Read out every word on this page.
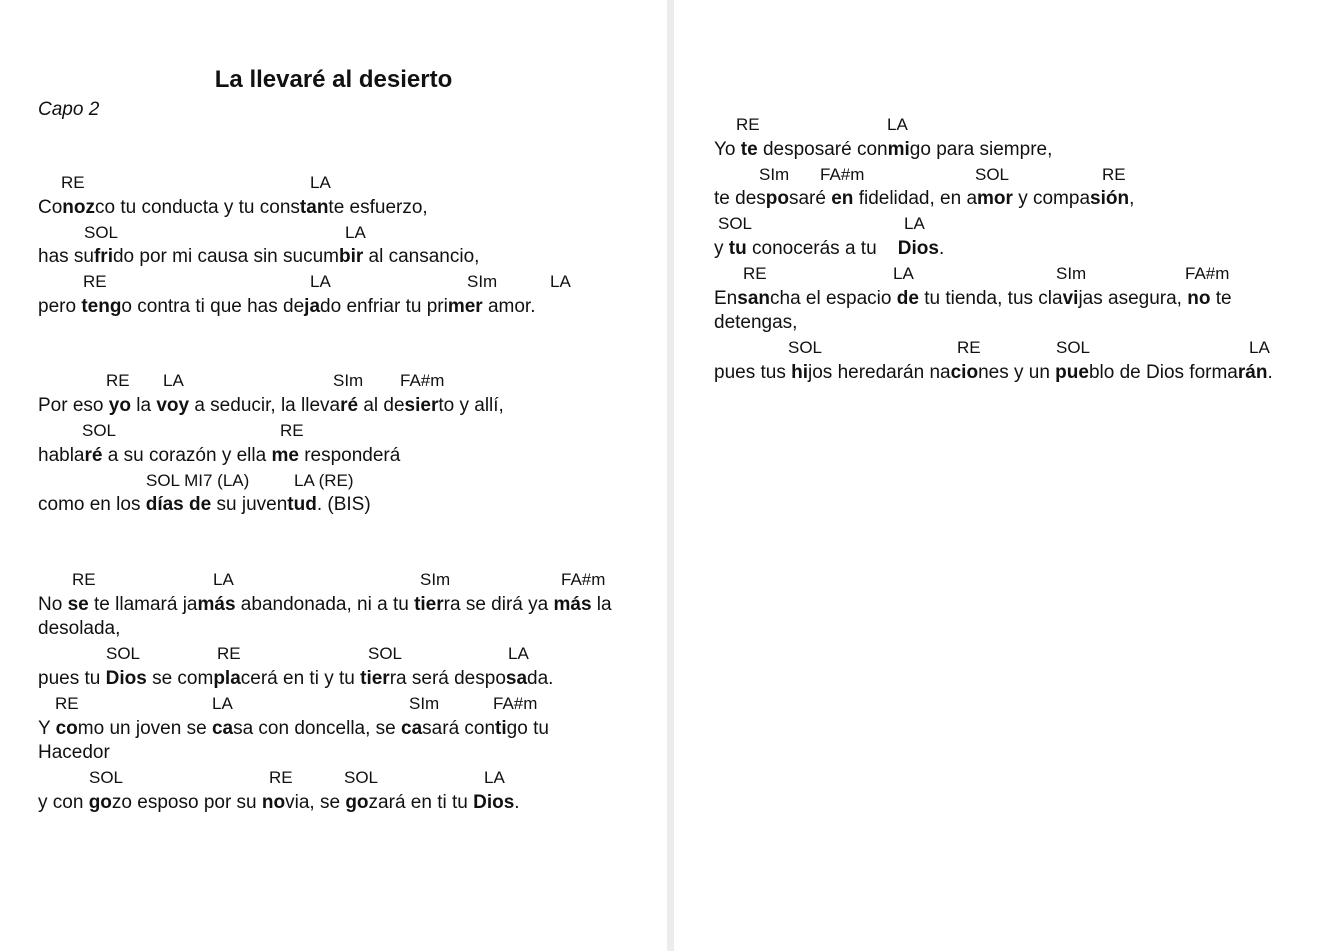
La llevaré al desierto
Capo 2
RE	LA
Conozco tu conducta y tu constante esfuerzo,
SOL	LA
has sufrido por mi causa sin sucumbir al cansancio,
RE	LA	SIm	LA
pero tengo contra ti que has dejado enfriar tu primer amor.
RE LA	SIm FA#m
Por eso yo la voy a seducir, la llevaré al desierto y allí,
SOL	RE
hablaré a su corazón y ella me responderá
SOL MI7 (LA)	LA (RE)
como en los días de su juventud. (BIS)
RE	LA	SIm	FA#m
No se te llamará jamás abandonada, ni a tu tierra se dirá ya más la
desolada,
SOL	RE	SOL	LA
pues tu Dios se complacerá en ti y tu tierra será desposada.
RE	LA	SIm	FA#m
Y como un joven se casa con doncella, se casará contigo tu
Hacedor
SOL	RE	SOL	LA
y con gozo esposo por su novia, se gozará en ti tu Dios.
RE	LA
Yo te desposaré conmigo para siempre,
SIm FA#m	SOL	RE
te desposaré en fidelidad, en amor y compasión,
SOL	LA
y tu conocerás a tu    Dios.
RE	LA	SIm	FA#m
Ensancha el espacio de tu tienda, tus clavijas asegura, no te
detengas,
SOL	RE	SOL	LA
pues tus hijos heredarán naciones y un pueblo de Dios formarán.
